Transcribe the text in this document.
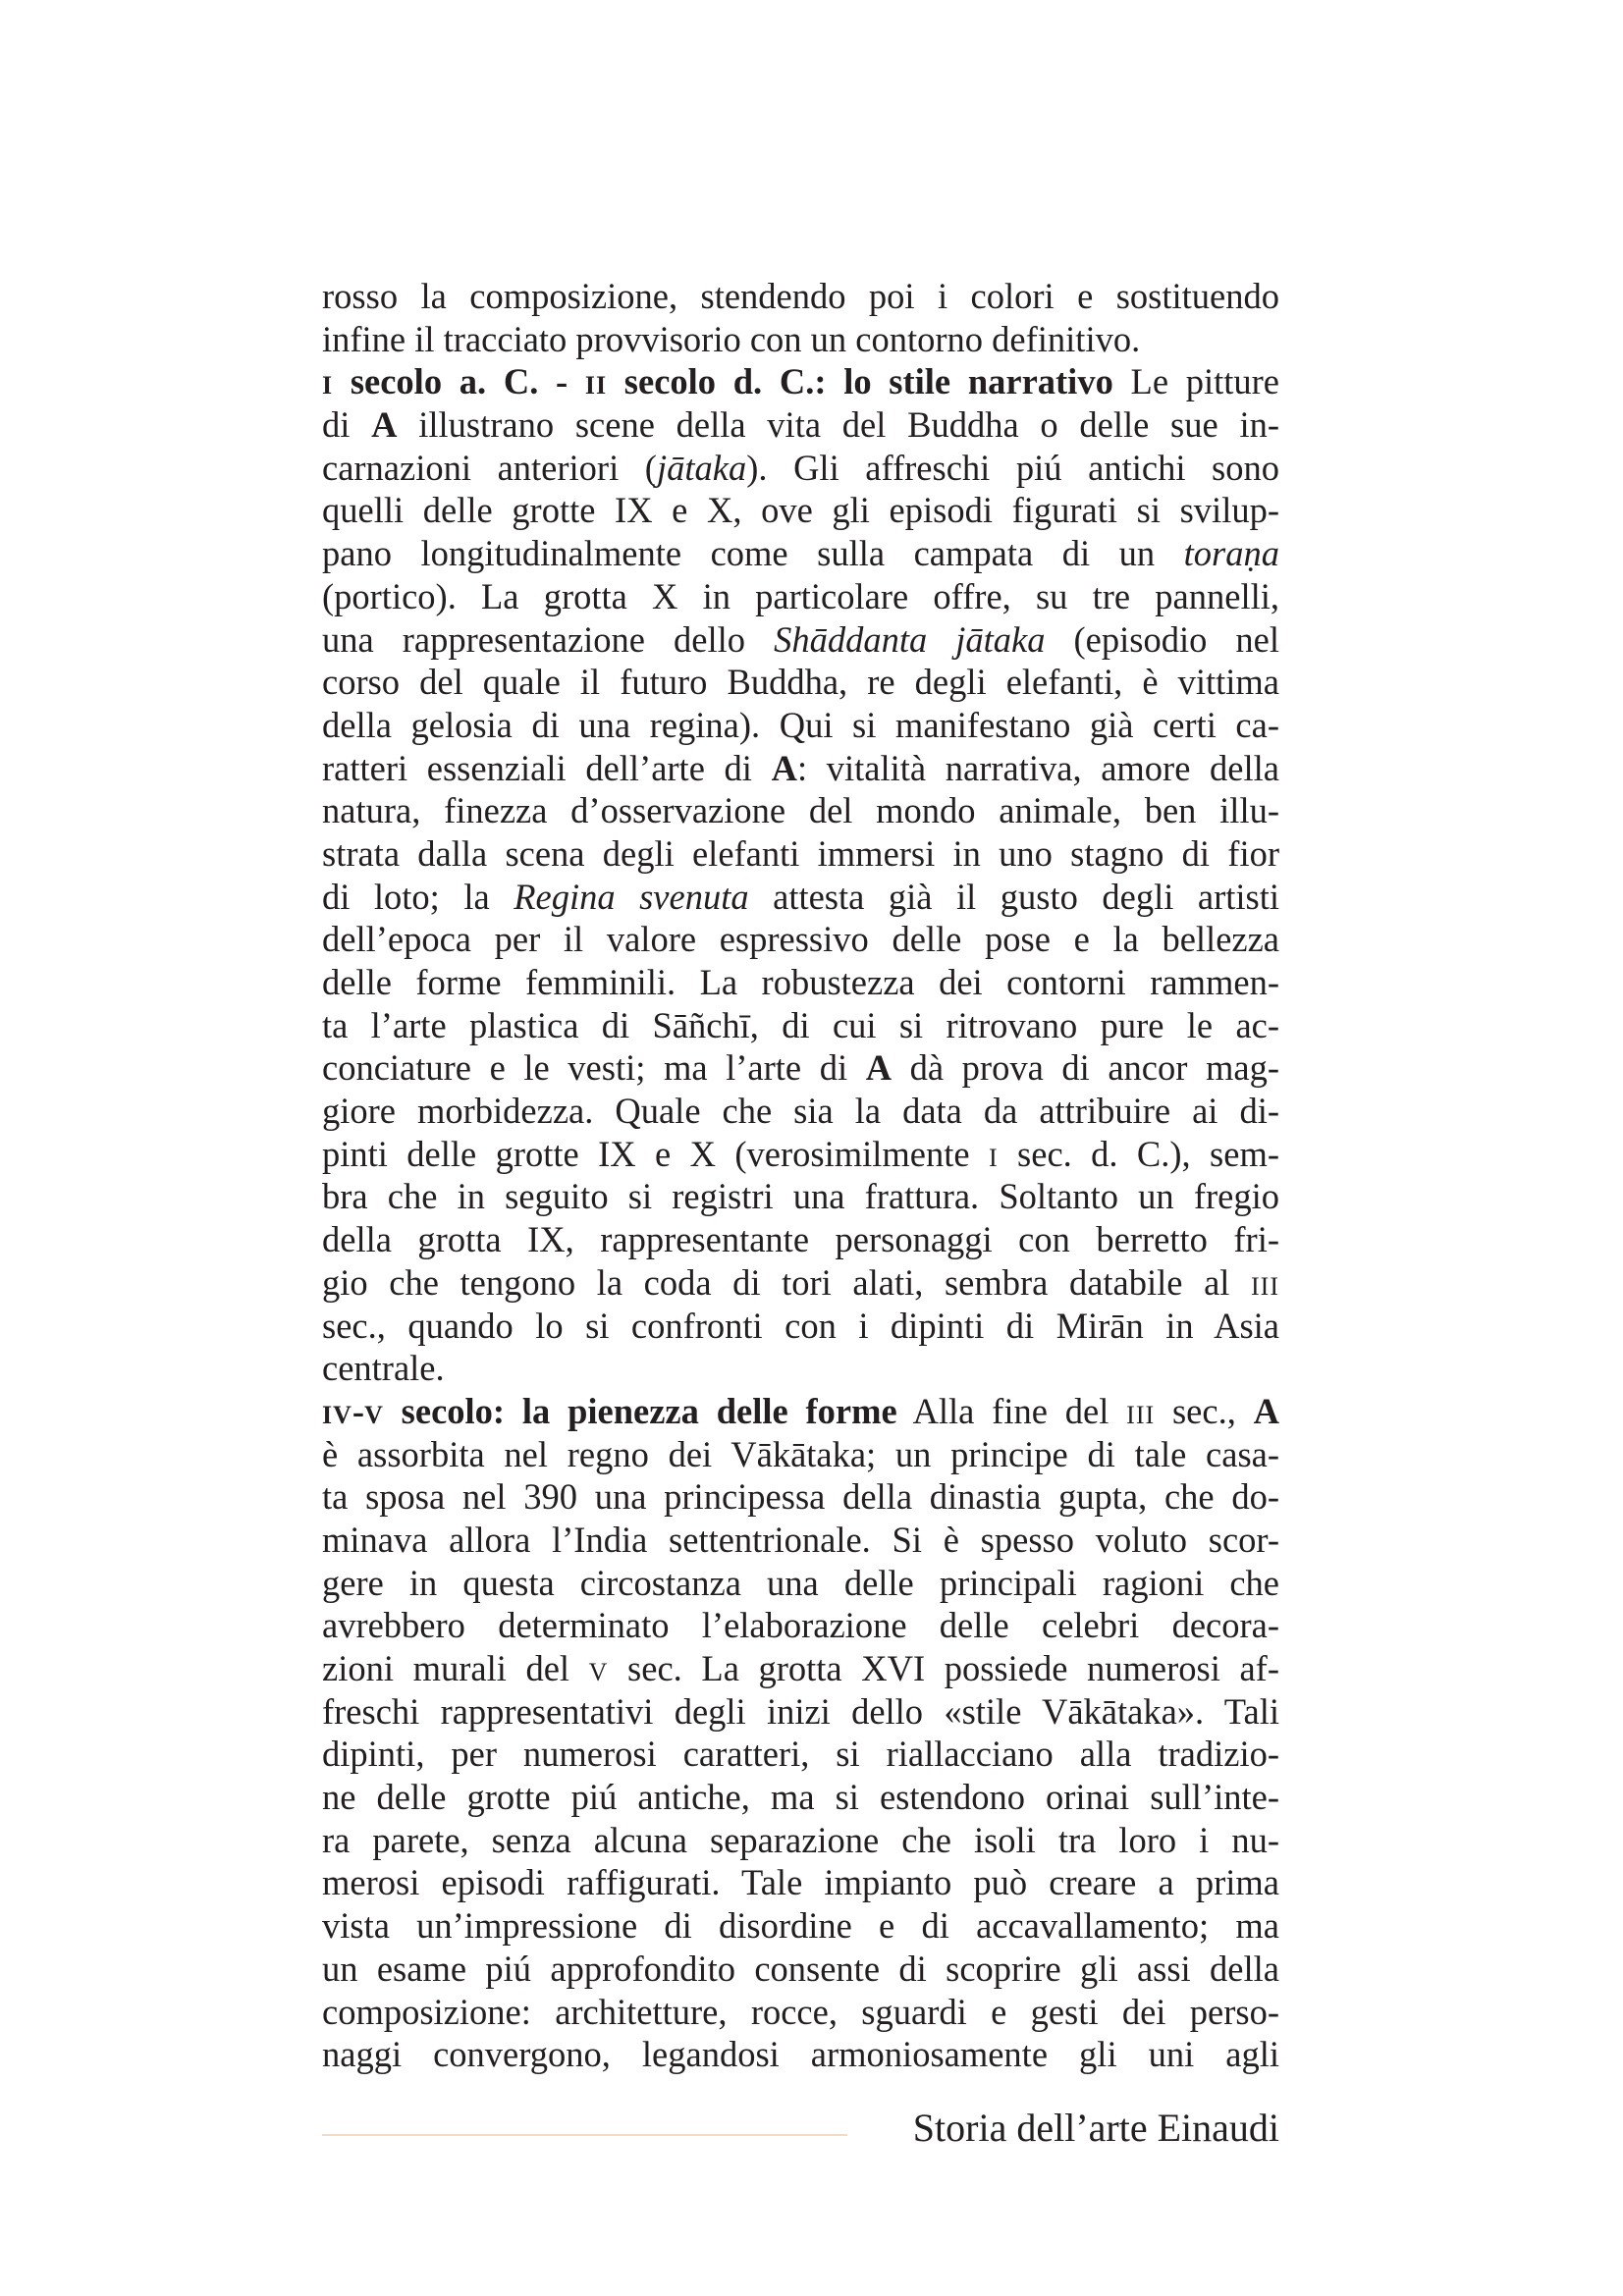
rosso la composizione, stendendo poi i colori e sostituendo
infine il tracciato provvisorio con un contorno definitivo.
I secolo a. C. - II secolo d. C.: lo stile narrativo Le pitture
di A illustrano scene della vita del Buddha o delle sue in-
carnazioni anteriori (jātaka). Gli affreschi piú antichi sono
quelli delle grotte IX e X, ove gli episodi figurati si svilup-
pano longitudinalmente come sulla campata di un toraṇa
(portico). La grotta X in particolare offre, su tre pannelli,
una rappresentazione dello Shāddanta jātaka (episodio nel
corso del quale il futuro Buddha, re degli elefanti, è vittima
della gelosia di una regina). Qui si manifestano già certi ca-
ratteri essenziali dell’arte di A: vitalità narrativa, amore della
natura, finezza d’osservazione del mondo animale, ben illu-
strata dalla scena degli elefanti immersi in uno stagno di fior
di loto; la Regina svenuta attesta già il gusto degli artisti
dell’epoca per il valore espressivo delle pose e la bellezza
delle forme femminili. La robustezza dei contorni rammen-
ta l’arte plastica di Sāñchī, di cui si ritrovano pure le ac-
conciature e le vesti; ma l’arte di A dà prova di ancor mag-
giore morbidezza. Quale che sia la data da attribuire ai di-
pinti delle grotte IX e X (verosimilmente I sec. d. C.), sem-
bra che in seguito si registri una frattura. Soltanto un fregio
della grotta IX, rappresentante personaggi con berretto fri-
gio che tengono la coda di tori alati, sembra databile al III
sec., quando lo si confronti con i dipinti di Mirān in Asia
centrale.
IV-V secolo: la pienezza delle forme Alla fine del III sec., A
è assorbita nel regno dei Vākātaka; un principe di tale casa-
ta sposa nel 390 una principessa della dinastia gupta, che do-
minava allora l’India settentrionale. Si è spesso voluto scor-
gere in questa circostanza una delle principali ragioni che
avrebbero determinato l’elaborazione delle celebri decora-
zioni murali del V sec. La grotta XVI possiede numerosi af-
freschi rappresentativi degli inizi dello «stile Vākātaka». Tali
dipinti, per numerosi caratteri, si riallacciano alla tradizio-
ne delle grotte piú antiche, ma si estendono orinai sull’inte-
ra parete, senza alcuna separazione che isoli tra loro i nu-
merosi episodi raffigurati. Tale impianto può creare a prima
vista un’impressione di disordine e di accavallamento; ma
un esame piú approfondito consente di scoprire gli assi della
composizione: architetture, rocce, sguardi e gesti dei perso-
naggi convergono, legandosi armoniosamente gli uni agli
Storia dell’arte Einaudi
